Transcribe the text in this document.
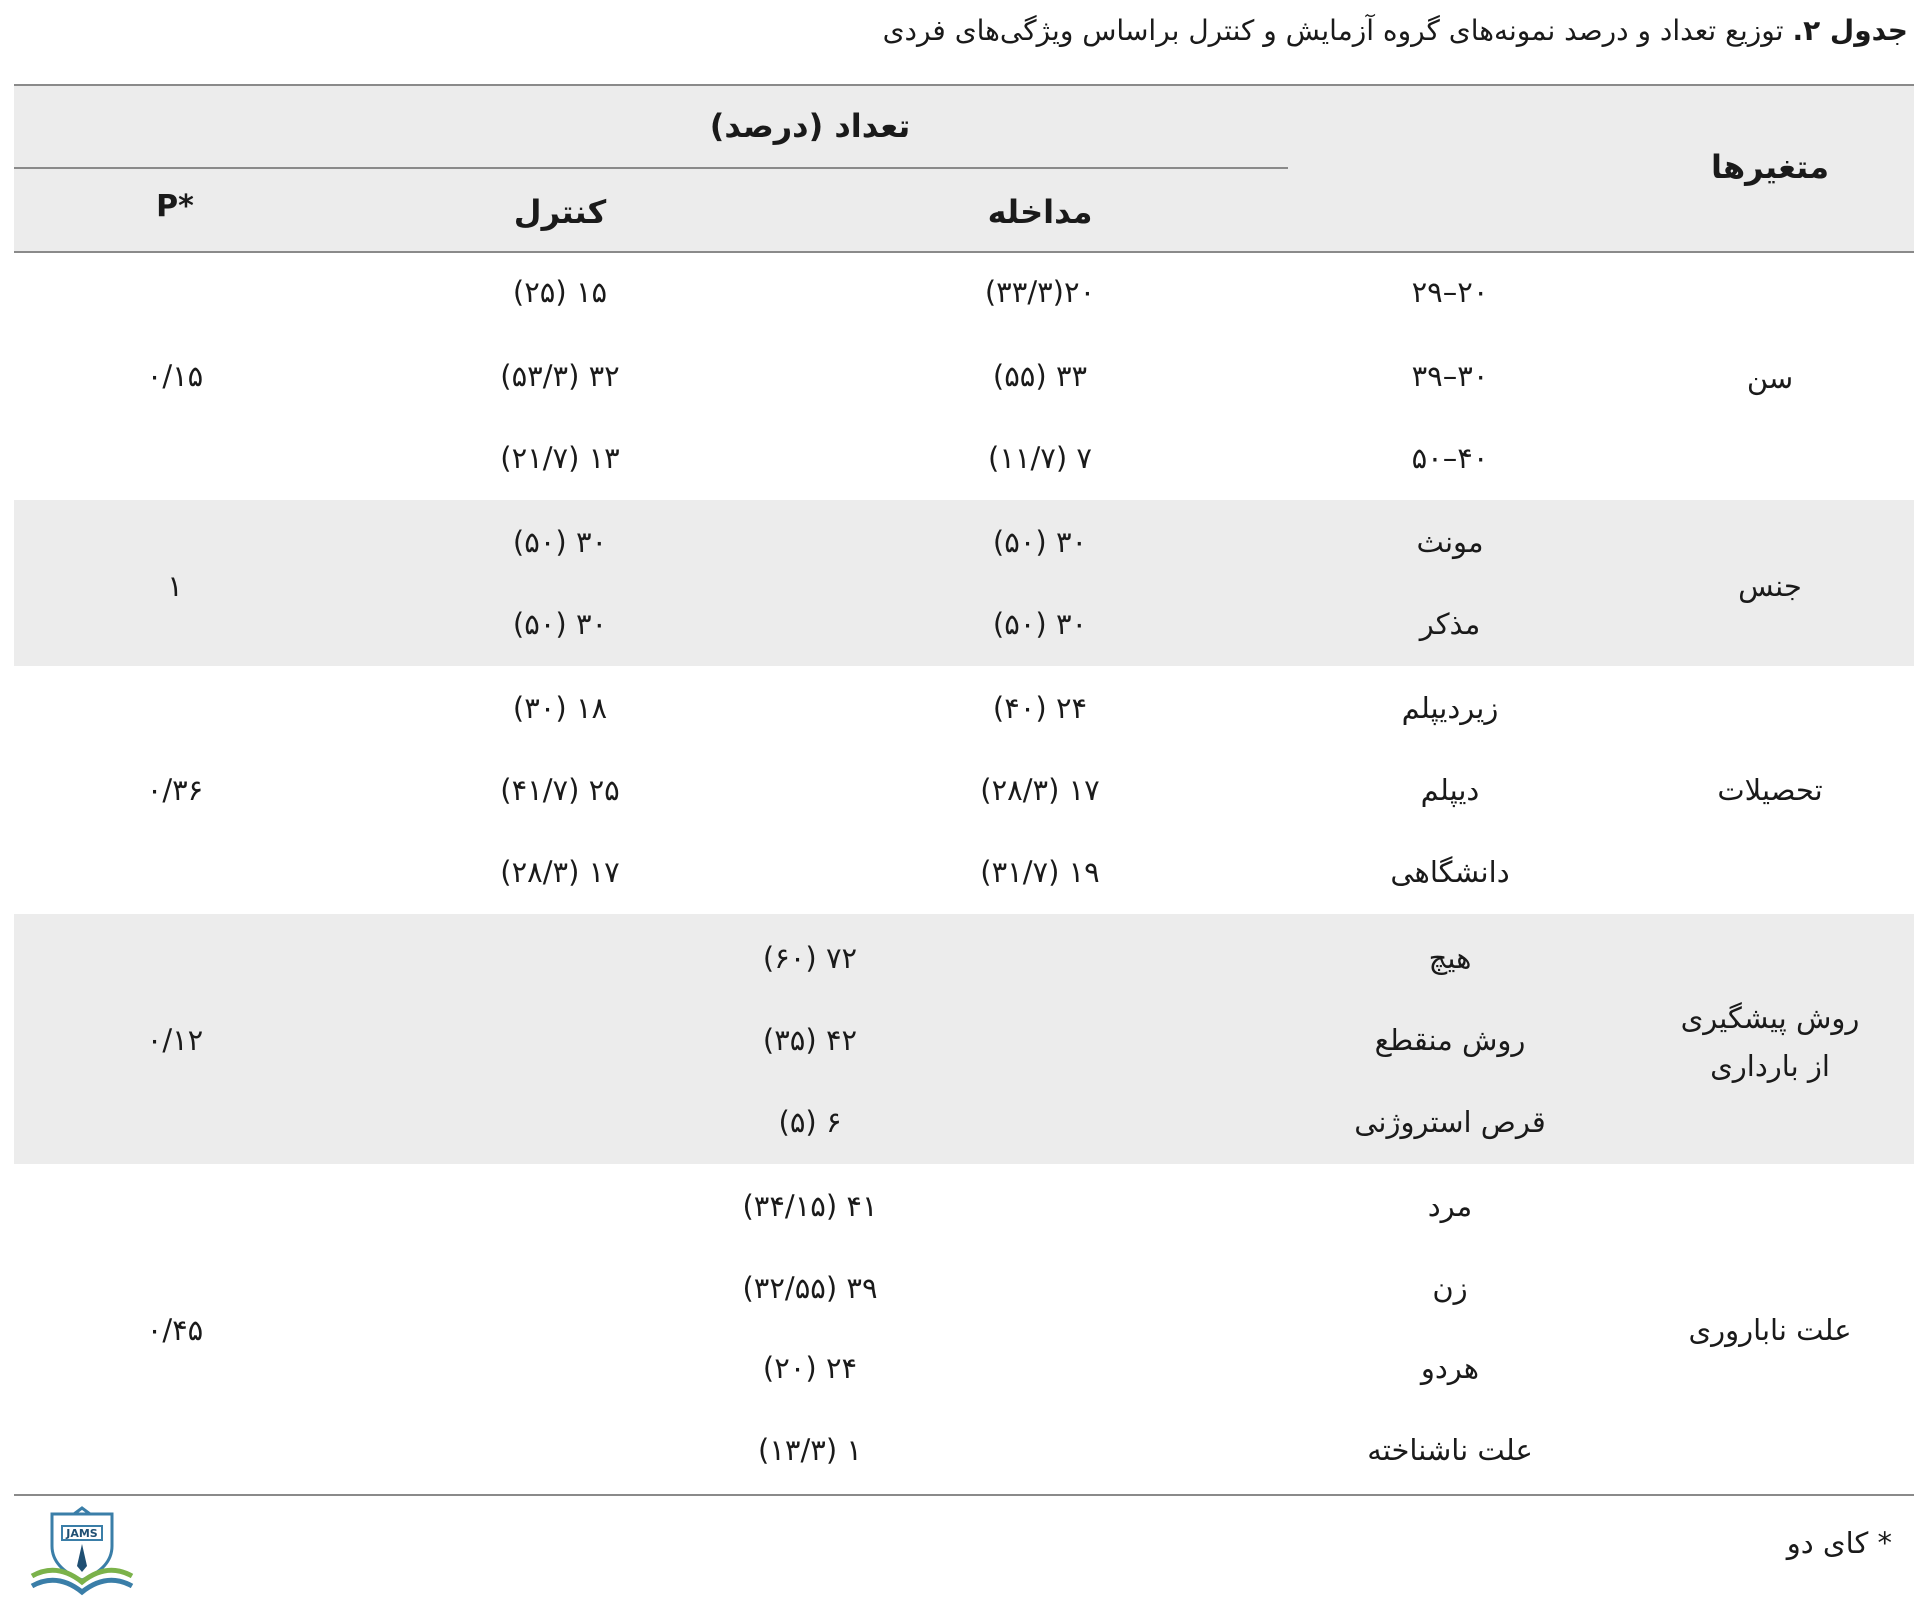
جدول ۲. توزیع تعداد و درصد نمونه‌های گروه آزمایش و کنترل براساس ویژگی‌های فردی
متغیرها
تعداد (درصد)
مداخله
کنترل
P*
سن
۰/۱۵
۲۰–۲۹
۲۰(۳۳/۳)
۱۵ (۲۵)
۳۰–۳۹
۳۳ (۵۵)
۳۲ (۵۳/۳)
۴۰–۵۰
۷ (۱۱/۷)
۱۳ (۲۱/۷)
جنس
۱
مونث
۳۰ (۵۰)
۳۰ (۵۰)
مذکر
۳۰ (۵۰)
۳۰ (۵۰)
تحصیلات
۰/۳۶
زیردیپلم
۲۴ (۴۰)
۱۸ (۳۰)
دیپلم
۱۷ (۲۸/۳)
۲۵ (۴۱/۷)
دانشگاهی
۱۹ (۳۱/۷)
۱۷ (۲۸/۳)
روش پیشگیری
از بارداری
۰/۱۲
هیچ
۷۲ (۶۰)
روش منقطع
۴۲ (۳۵)
قرص استروژنی
۶ (۵)
علت ناباروری
۰/۴۵
مرد
۴۱ (۳۴/۱۵)
زن
۳۹ (۳۲/۵۵)
هردو
۲۴ (۲۰)
علت ناشناخته
۱ (۱۳/۳)
* کای دو
JAMS
